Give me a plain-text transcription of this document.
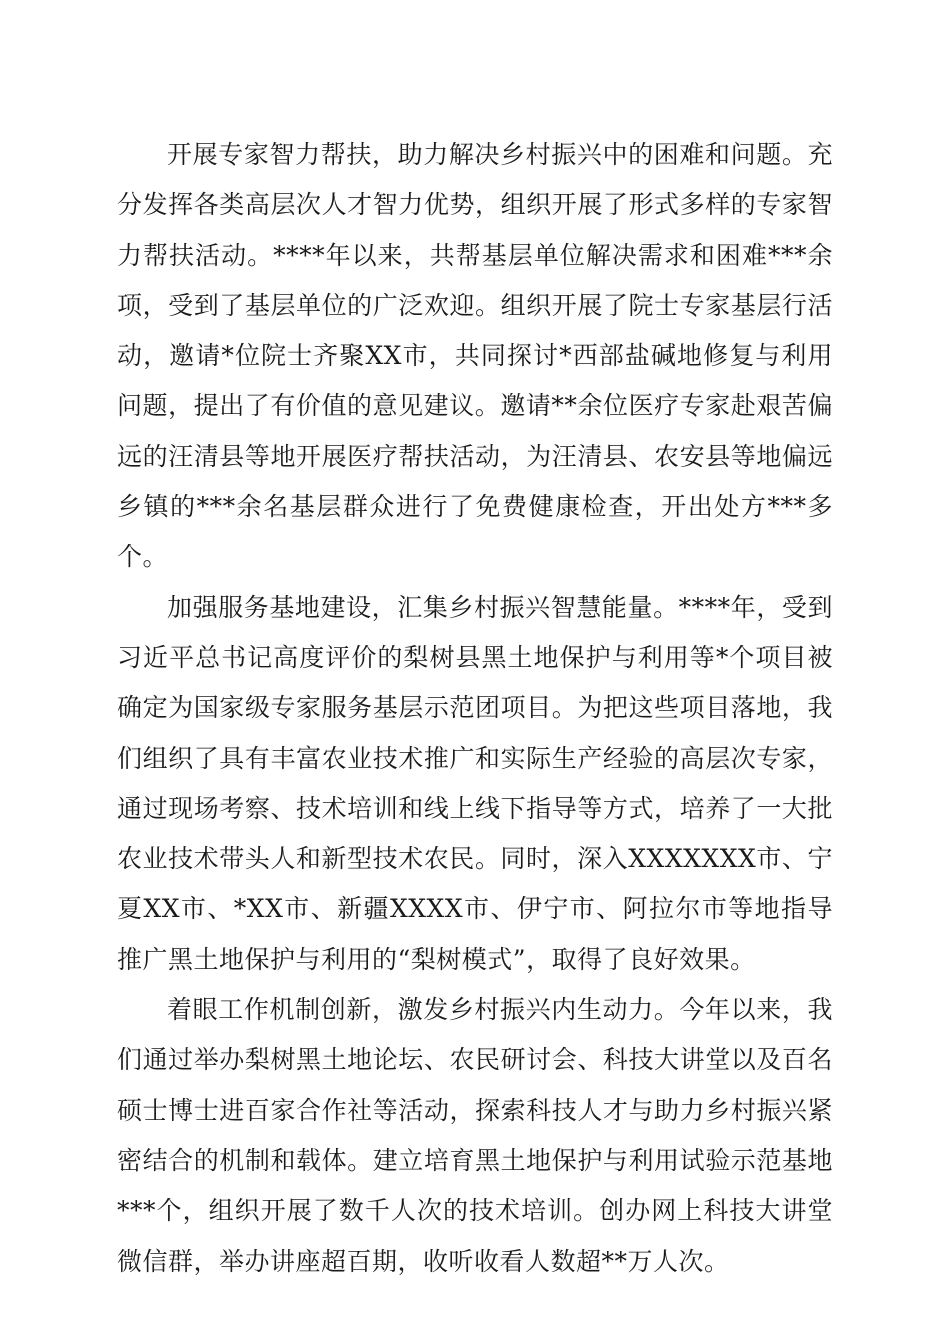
开展专家智力帮扶，助力解决乡村振兴中的困难和问题。充分发挥各类高层次人才智力优势，组织开展了形式多样的专家智力帮扶活动。****年以来，共帮基层单位解决需求和困难***余项，受到了基层单位的广泛欢迎。组织开展了院士专家基层行活动，邀请*位院士齐聚XX市，共同探讨*西部盐碱地修复与利用问题，提出了有价值的意见建议。邀请**余位医疗专家赴艰苦偏远的汪清县等地开展医疗帮扶活动，为汪清县、农安县等地偏远乡镇的***余名基层群众进行了免费健康检查，开出处方***多个。

加强服务基地建设，汇集乡村振兴智慧能量。****年，受到习近平总书记高度评价的梨树县黑土地保护与利用等*个项目被确定为国家级专家服务基层示范团项目。为把这些项目落地，我们组织了具有丰富农业技术推广和实际生产经验的高层次专家，通过现场考察、技术培训和线上线下指导等方式，培养了一大批农业技术带头人和新型技术农民。同时，深入XXXXXXX市、宁夏XX市、*XX市、新疆XXXX市、伊宁市、阿拉尔市等地指导推广黑土地保护与利用的“梨树模式”，取得了良好效果。

着眼工作机制创新，激发乡村振兴内生动力。今年以来，我们通过举办梨树黑土地论坛、农民研讨会、科技大讲堂以及百名硕士博士进百家合作社等活动，探索科技人才与助力乡村振兴紧密结合的机制和载体。建立培育黑土地保护与利用试验示范基地***个，组织开展了数千人次的技术培训。创办网上科技大讲堂微信群，举办讲座超百期，收听收看人数超**万人次。
